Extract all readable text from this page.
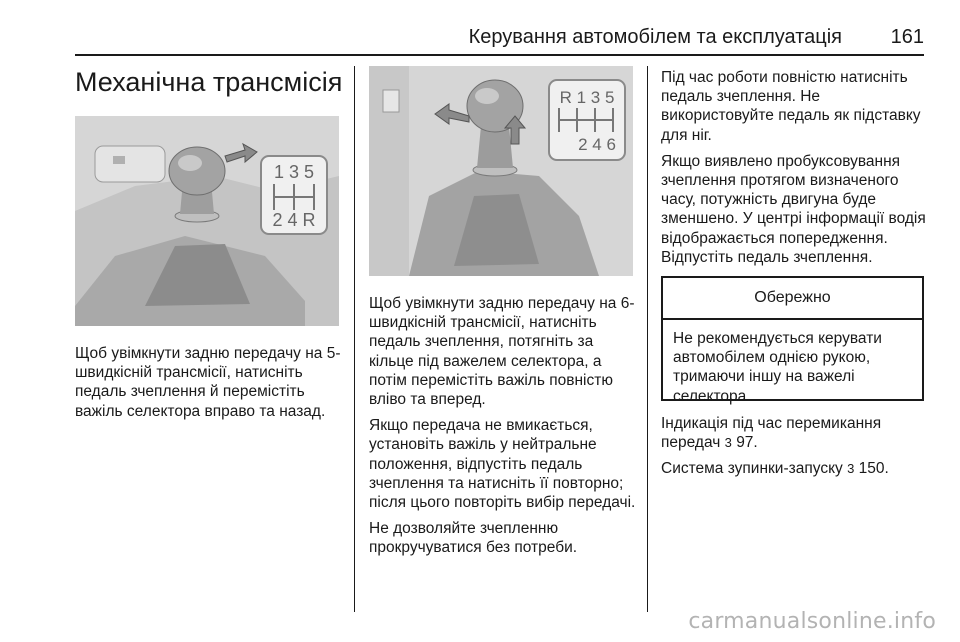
Керування автомобілем та експлуатація 161
Механічна трансмісія
1 3 5
2 4 R

Щоб увімкнути задню передачу на 5-швидкісній трансмісії, натисніть педаль зчеплення й перемістіть важіль селектора вправо та назад.

R 1 3 5
2 4 6

Щоб увімкнути задню передачу на 6-швидкісній трансмісії, натисніть педаль зчеплення, потягніть за кільце під важелем селектора, а потім перемістіть важіль повністю вліво та вперед.

Якщо передача не вмикається, установіть важіль у нейтральне положення, відпустіть педаль зчеплення та натисніть її повторно; після цього повторіть вибір передачі.

Не дозволяйте зчепленню прокручуватися без потреби.

Під час роботи повністю натисніть педаль зчеплення. Не використовуйте педаль як підставку для ніг.

Якщо виявлено пробуксовування зчеплення протягом визначеного часу, потужність двигуна буде зменшено. У центрі інформації водія відображається попередження. Відпустіть педаль зчеплення.

Обережно
Не рекомендується керувати автомобілем однією рукою, тримаючи іншу на важелі селектора.

Індикація під час перемикання передач 3 97.

Система зупинки-запуску 3 150.

carmanualsonline.info
